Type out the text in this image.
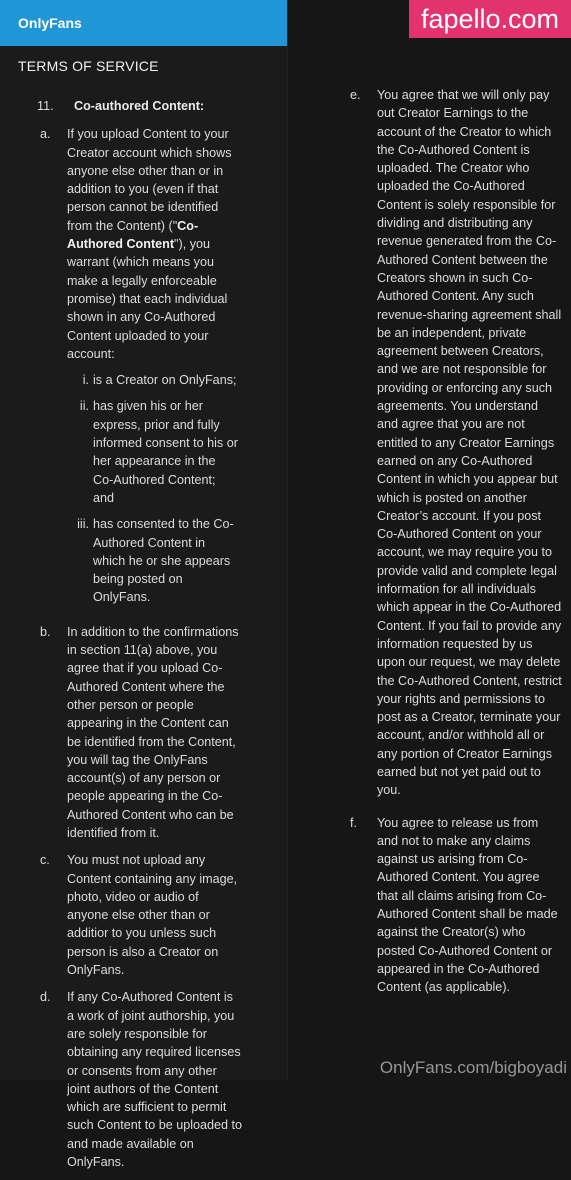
OnlyFans
TERMS OF SERVICE
11.	Co-authored Content:
a.	If you upload Content to your Creator account which shows anyone else other than or in addition to you (even if that person cannot be identified from the Content) ("Co-Authored Content"), you warrant (which means you make a legally enforceable promise) that each individual shown in any Co-Authored Content uploaded to your account:
i. is a Creator on OnlyFans;
ii. has given his or her express, prior and fully informed consent to his or her appearance in the Co-Authored Content; and
iii. has consented to the Co-Authored Content in which he or she appears being posted on OnlyFans.
b.	In addition to the confirmations in section 11(a) above, you agree that if you upload Co-Authored Content where the other person or people appearing in the Content can be identified from the Content, you will tag the OnlyFans account(s) of any person or people appearing in the Co-Authored Content who can be identified from it.
c.	You must not upload any Content containing any image, photo, video or audio of anyone else other than or additior to you unless such person is also a Creator on OnlyFans.
d.	If any Co-Authored Content is a work of joint authorship, you are solely responsible for obtaining any required licenses or consents from any other joint authors of the Content which are sufficient to permit such Content to be uploaded to and made available on OnlyFans.
e.	You agree that we will only pay out Creator Earnings to the account of the Creator to which the Co-Authored Content is uploaded. The Creator who uploaded the Co-Authored Content is solely responsible for dividing and distributing any revenue generated from the Co-Authored Content between the Creators shown in such Co-Authored Content. Any such revenue-sharing agreement shall be an independent, private agreement between Creators, and we are not responsible for providing or enforcing any such agreements. You understand and agree that you are not entitled to any Creator Earnings earned on any Co-Authored Content in which you appear but which is posted on another Creator’s account. If you post Co-Authored Content on your account, we may require you to provide valid and complete legal information for all individuals which appear in the Co-Authored Content. If you fail to provide any information requested by us upon our request, we may delete the Co-Authored Content, restrict your rights and permissions to post as a Creator, terminate your account, and/or withhold all or any portion of Creator Earnings earned but not yet paid out to you.
f.	You agree to release us from and not to make any claims against us arising from Co-Authored Content. You agree that all claims arising from Co-Authored Content shall be made against the Creator(s) who posted Co-Authored Content or appeared in the Co-Authored Content (as applicable).
fapello.com
OnlyFans.com/bigboyadi
